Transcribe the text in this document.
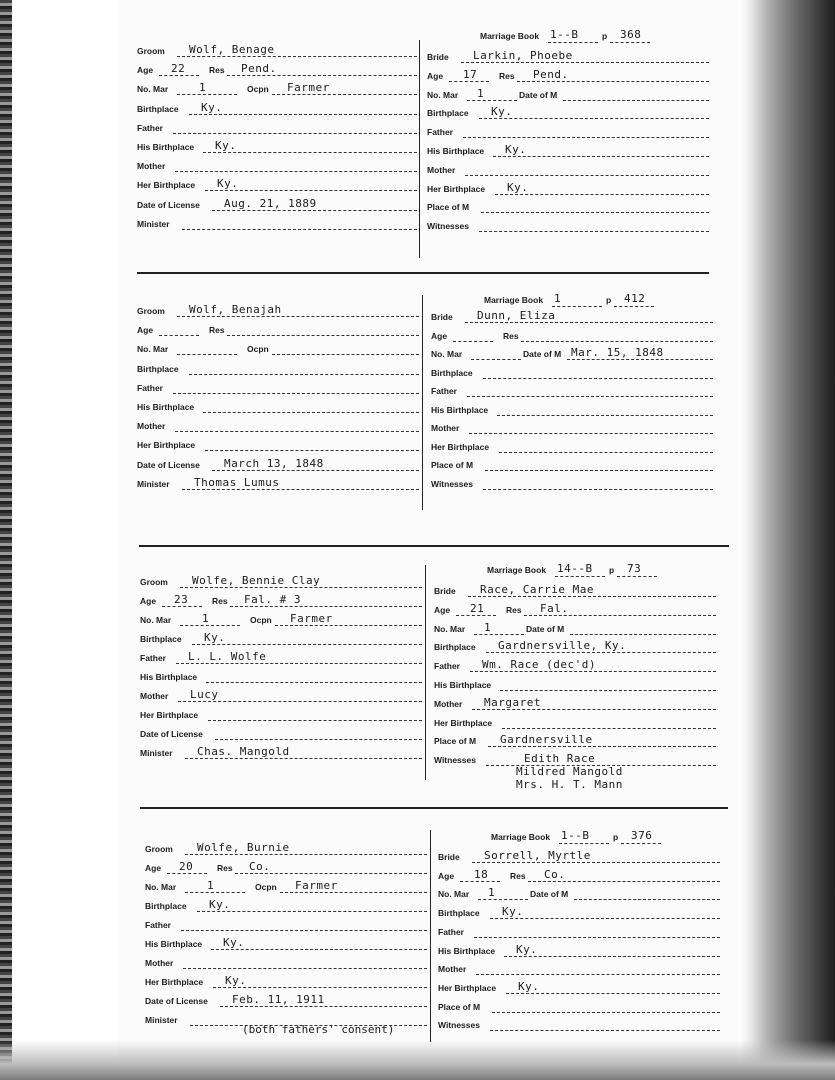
Marriage Book 1--B	p 368
Groom Wolf, Benage
Age 22	Res Pend.
No. Mar	1	Ocpn Farmer
Birthplace Ky.
Father
His Birthplace Ky.
Mother
Her Birthplace Ky.
Date of License Aug. 21, 1889
Minister
Bride Larkin, Phoebe
Age 17	Res Pend.
No. Mar 1	Date of M
Birthplace Ky.
Father
His Birthplace Ky.
Mother
Her Birthplace Ky.
Place of M
Witnesses
Marriage Book 1	p 412
Groom Wolf, Benajah
Age	Res
No. Mar	Ocpn
Birthplace
Father
His Birthplace
Mother
Her Birthplace
Date of License March 13, 1848
Minister Thomas Lumus
Bride Dunn, Eliza
Age	Res
No. Mar	Date of M Mar. 15, 1848
Birthplace
Father
His Birthplace
Mother
Her Birthplace
Place of M
Witnesses
Marriage Book 14--B p 73
Groom Wolfe, Bennie Clay
Age 23	Res Fal. # 3
No. Mar	1	Ocpn Farmer
Birthplace Ky.
Father L. L. Wolfe
His Birthplace
Mother Lucy
Her Birthplace
Date of License
Minister Chas. Mangold
Bride Race, Carrie Mae
Age 21	Res Fal.
No. Mar 1	Date of M
Birthplace Gardnersville, Ky.
Father Wm. Race (dec'd)
His Birthplace
Mother Margaret
Her Birthplace
Place of M Gardnersville
Witnesses	Edith Race
Mildred Mangold
Mrs. H. T. Mann
Marriage Book 1--B	p 376
Groom Wolfe, Burnie
Age 20	Res Co.
No. Mar	1	Ocpn Farmer
Birthplace Ky.
Father
His Birthplace Ky.
Mother
Her Birthplace Ky.
Date of License Feb. 11, 1911
Minister
Bride Sorrell, Myrtle
Age 18	Res Co.
No. Mar 1	Date of M
Birthplace Ky.
Father
His Birthplace Ky.
Mother
Her Birthplace Ky.
Place of M
Witnesses
(both fathers' consent)
